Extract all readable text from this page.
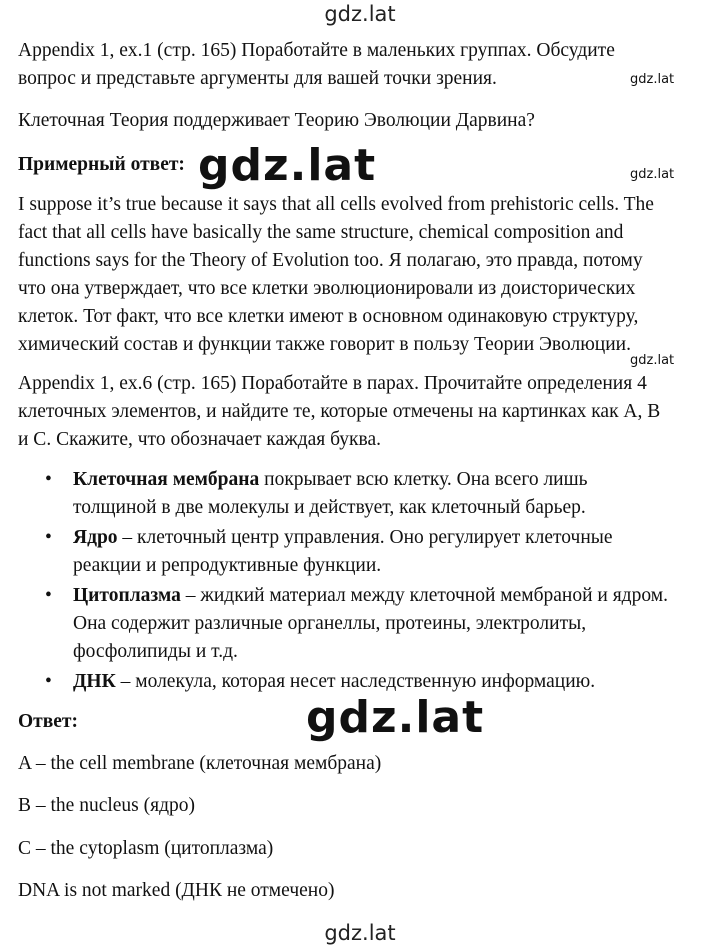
gdz.lat

Appendix 1, ex.1 (стр. 165) Поработайте в маленьких группах. Обсудите
вопрос и представьте аргументы для вашей точки зрения.	gdz.lat

Клеточная Теория поддерживает Теорию Эволюции Дарвина?

Примерный ответ: gdz.lat	gdz.lat

I suppose it’s true because it says that all cells evolved from prehistoric cells. The
fact that all cells have basically the same structure, chemical composition and
functions says for the Theory of Evolution too. Я полагаю, это правда, потому
что она утверждает, что все клетки эволюционировали из доисторических
клеток. Тот факт, что все клетки имеют в основном одинаковую структуру,
химический состав и функции также говорит в пользу Теории Эволюции.

gdz.lat

Appendix 1, ex.6 (стр. 165) Поработайте в парах. Прочитайте определения 4
клеточных элементов, и найдите те, которые отмечены на картинках как A, B
и C. Скажите, что обозначает каждая буква.

• Клеточная мембрана покрывает всю клетку. Она всего лишь
толщиной в две молекулы и действует, как клеточный барьер.
• Ядро – клеточный центр управления. Оно регулирует клеточные
реакции и репродуктивные функции.
• Цитоплазма – жидкий материал между клеточной мембраной и ядром.
Она содержит различные органеллы, протеины, электролиты,
фосфолипиды и т.д.
• ДНК – молекула, которая несет наследственную информацию.

Ответ:	gdz.lat

A – the cell membrane (клеточная мембрана)

B – the nucleus (ядро)

C – the cytoplasm (цитоплазма)

DNA is not marked (ДНК не отмечено)

gdz.lat
